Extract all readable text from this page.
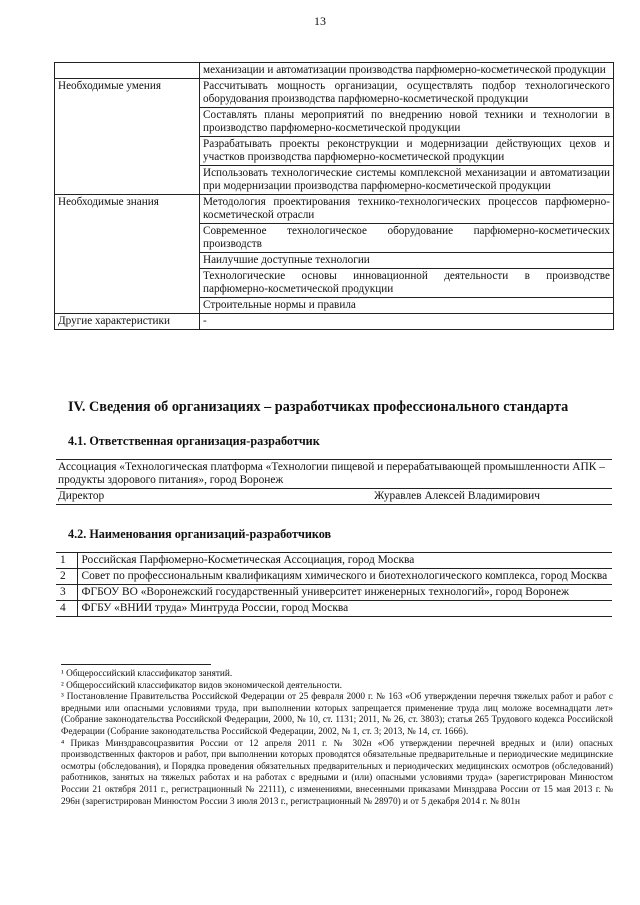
13
	механизации и автоматизации производства парфюмерно-косметической продукции
Необходимые умения	Рассчитывать мощность организации, осуществлять подбор технологического оборудования производства парфюмерно-косметической продукции
	Составлять планы мероприятий по внедрению новой техники и технологии в производство парфюмерно-косметической продукции
	Разрабатывать проекты реконструкции и модернизации действующих цехов и участков производства парфюмерно-косметической продукции
	Использовать технологические системы комплексной механизации и автоматизации при модернизации производства парфюмерно-косметической продукции
Необходимые знания	Методология проектирования технико-технологических процессов парфюмерно-косметической отрасли
	Современное технологическое оборудование парфюмерно-косметических производств
	Наилучшие доступные технологии
	Технологические основы инновационной деятельности в производстве парфюмерно-косметической продукции
	Строительные нормы и правила
Другие характеристики	-
IV. Сведения об организациях – разработчиках профессионального стандарта
4.1. Ответственная организация-разработчик
Ассоциация «Технологическая платформа «Технологии пищевой и перерабатывающей промышленности АПК – продукты здорового питания», город Воронеж

Директор	Журавлев Алексей Владимирович
4.2. Наименования организаций-разработчиков
1	Российская Парфюмерно-Косметическая Ассоциация, город Москва
2	Совет по профессиональным квалификациям химического и биотехнологического комплекса, город Москва
3	ФГБОУ ВО «Воронежский государственный университет инженерных технологий», город Воронеж
4	ФГБУ «ВНИИ труда» Минтруда России, город Москва

¹ Общероссийский классификатор занятий.

² Общероссийский классификатор видов экономической деятельности.

³ Постановление Правительства Российской Федерации от 25 февраля 2000 г. № 163 «Об утверждении перечня тяжелых работ и работ с вредными или опасными условиями труда, при выполнении которых запрещается применение труда лиц моложе восемнадцати лет» (Собрание законодательства Российской Федерации, 2000, № 10, ст. 1131; 2011, № 26, ст. 3803); статья 265 Трудового кодекса Российской Федерации (Собрание законодательства Российской Федерации, 2002, № 1, ст. 3; 2013, № 14, ст. 1666).

⁴ Приказ Минздравсоцразвития России от 12 апреля 2011 г. № 302н «Об утверждении перечней вредных и (или) опасных производственных факторов и работ, при выполнении которых проводятся обязательные предварительные и периодические медицинские осмотры (обследования), и Порядка проведения обязательных предварительных и периодических медицинских осмотров (обследований) работников, занятых на тяжелых работах и на работах с вредными и (или) опасными условиями труда» (зарегистрирован Минюстом России 21 октября 2011 г., регистрационный № 22111), с изменениями, внесенными приказами Минздрава России от 15 мая 2013 г. № 296н (зарегистрирован Минюстом России 3 июля 2013 г., регистрационный № 28970) и от 5 декабря 2014 г. № 801н
